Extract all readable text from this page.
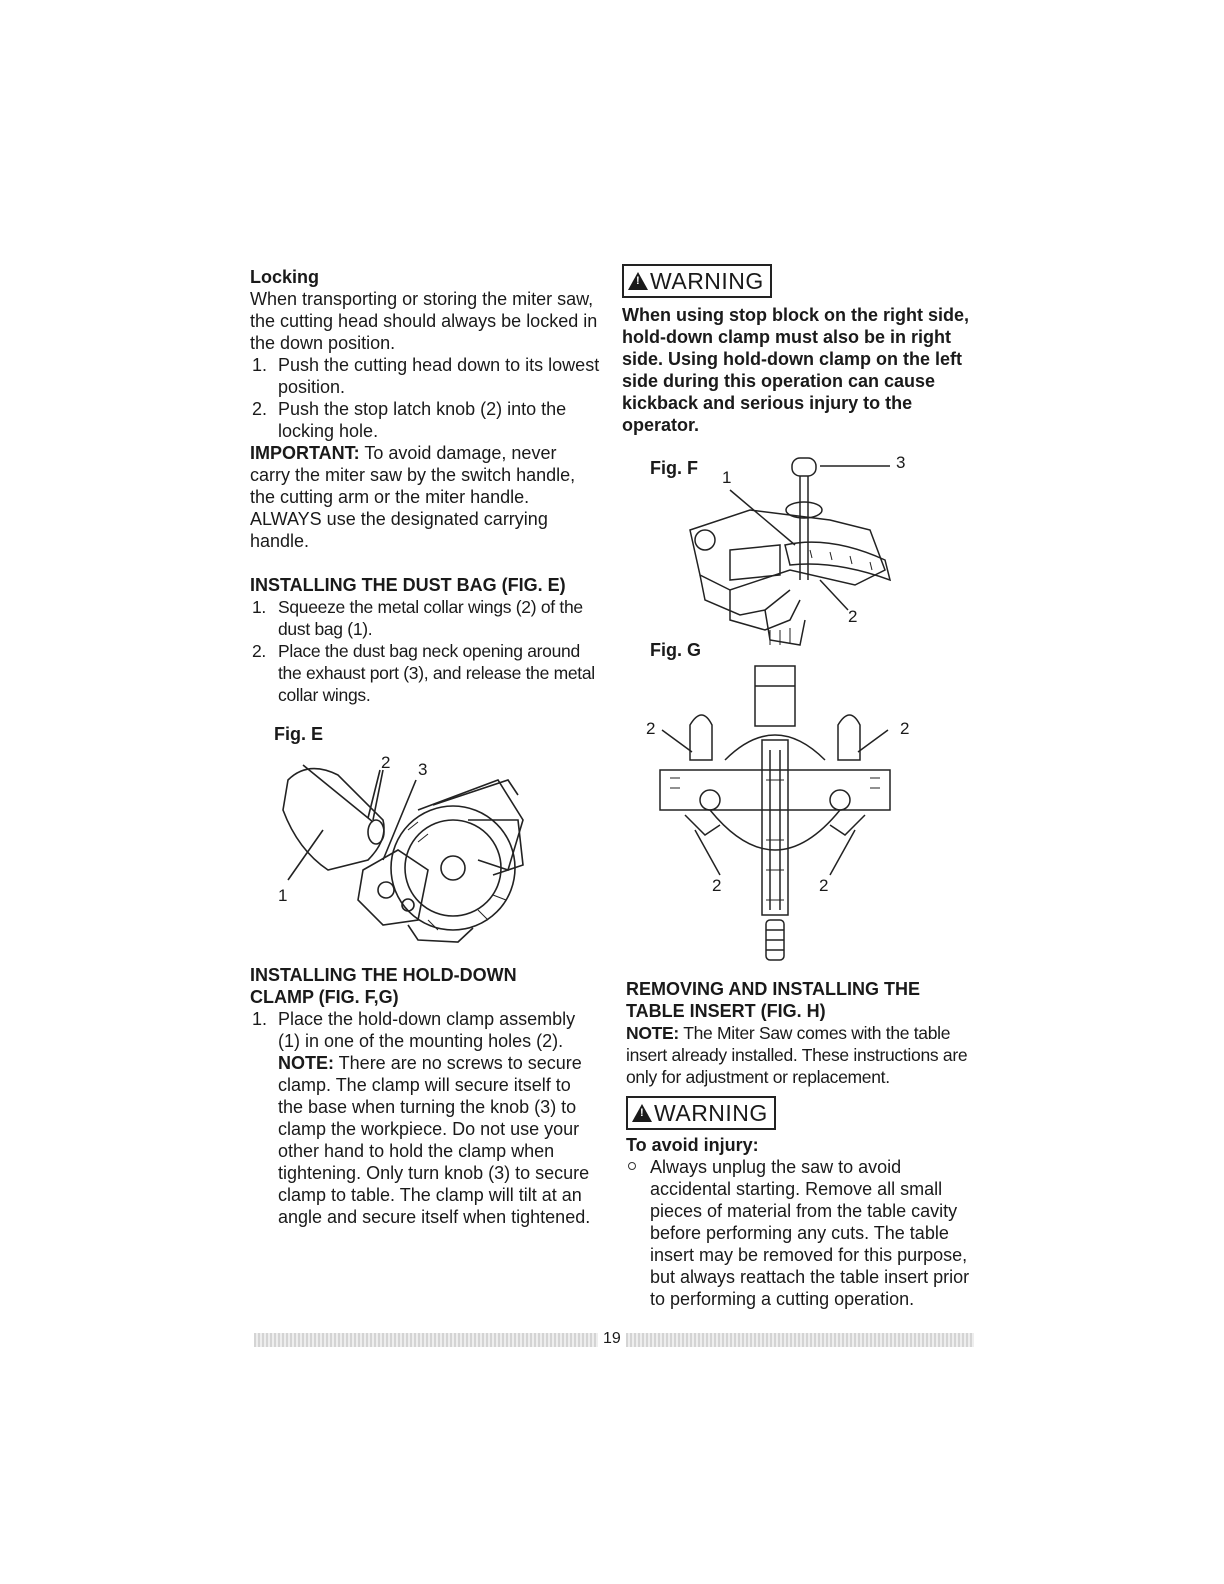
Locking

When transporting or storing the miter saw, the cutting head should always be locked in the down position.

1. Push the cutting head down to its lowest position.
2. Push the stop latch knob (2) into the locking hole.

IMPORTANT: To avoid damage, never carry the miter saw by the switch handle, the cutting arm or the miter handle. ALWAYS use the designated carrying handle.

INSTALLING THE DUST BAG (FIG. E)
1. Squeeze the metal collar wings (2) of the dust bag (1).
2. Place the dust bag neck opening around the exhaust port (3), and release the metal collar wings.
Fig. E
2 3
1
INSTALLING THE HOLD-DOWN
CLAMP (FIG. F,G)
1. Place the hold-down clamp assembly (1) in one of the mounting holes (2).
NOTE: There are no screws to secure clamp. The clamp will secure itself to the base when turning the knob (3) to clamp the workpiece. Do not use your other hand to hold the clamp when tightening. Only turn knob (3) to secure clamp to table. The clamp will tilt at an angle and secure itself when tightened.
!WARNING

When using stop block on the right side, hold-down clamp must also be in right side. Using hold-down clamp on the left side during this operation can cause kickback and serious injury to the operator.

Fig. F 1
3
2
Fig. G
2	2
2	2
REMOVING AND INSTALLING THE
TABLE INSERT (FIG. H)

NOTE: The Miter Saw comes with the table insert already installed. These instructions are only for adjustment or replacement.

!WARNING
To avoid injury:
Always unplug the saw to avoid accidental starting. Remove all small pieces of material from the table cavity before performing any cuts. The table insert may be removed for this purpose, but always reattach the table insert prior to performing a cutting operation.
19
